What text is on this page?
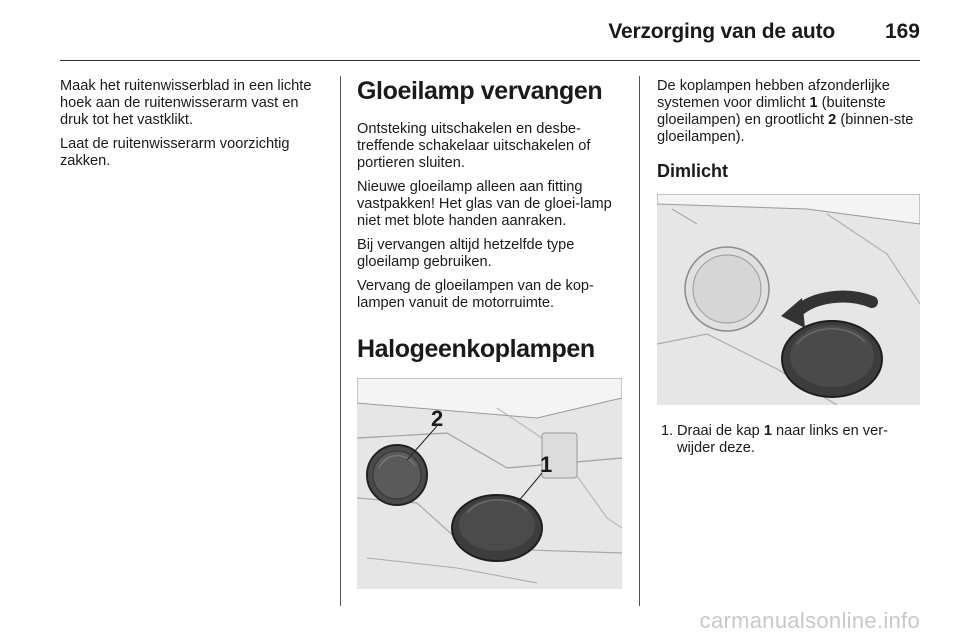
Verzorging van de auto 169

Maak het ruitenwisserblad in een lichte hoek aan de ruitenwisserarm vast en druk tot het vastklikt.

Laat de ruitenwisserarm voorzichtig zakken.

Gloeilamp vervangen

Ontsteking uitschakelen en desbe-treffende schakelaar uitschakelen of portieren sluiten.

Nieuwe gloeilamp alleen aan fitting vastpakken! Het glas van de gloei-lamp niet met blote handen aanraken.

Bij vervangen altijd hetzelfde type gloeilamp gebruiken.

Vervang de gloeilampen van de kop-lampen vanuit de motorruimte.

Halogeenkoplampen
2
1

De koplampen hebben afzonderlijke systemen voor dimlicht 1 (buitenste gloeilampen) en grootlicht 2 (binnen-ste gloeilampen).

Dimlicht
1. Draai de kap 1 naar links en ver-wijder deze.
carmanualsonline.info
